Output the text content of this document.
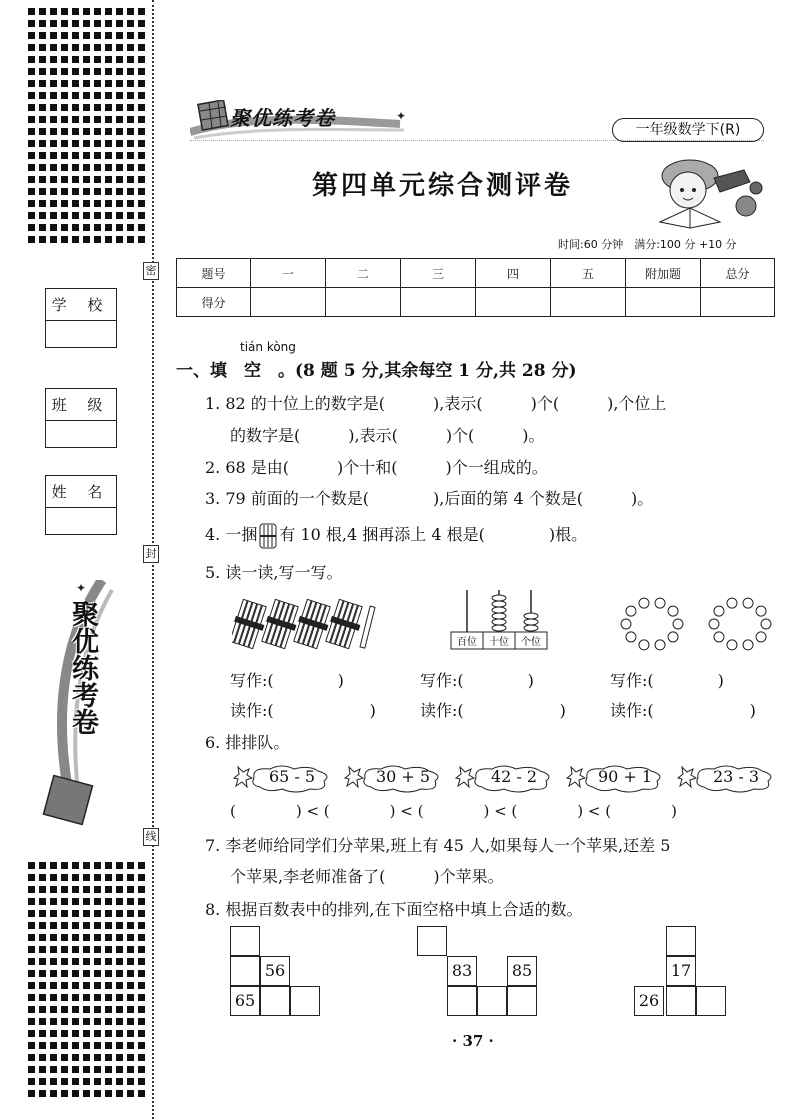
密
封
线
学 校
班 级
姓 名
✦
聚优练考卷
✦
聚优练考卷	一年级数学下(R)
第四单元综合测评卷
时间:60 分钟　满分:100 分 +10 分
题号	一	二	三	四	五	附加题	总分
得分							
tián kòng
一、填　空　。(8 题 5 分,其余每空 1 分,共 28 分)
1. 82 的十位上的数字是(　　　),表示(　　　)个(　　　),个位上
的数字是(　　　),表示(　　　)个(　　　)。
2. 68 是由(　　　)个十和(　　　)个一组成的。
3. 79 前面的一个数是(　　　　),后面的第 4 个数是(　　　)。
4. 一捆 有 10 根,4 捆再添上 4 根是(　　　　)根。
5. 读一读,写一写。
百位 十位 个位
写作:(　　　　)	写作:(　　　　)	写作:(　　　　)
读作:(　　　　　　)	读作:(　　　　　　)	读作:(　　　　　　)
6. 排排队。
65 - 5	30 + 5	42 - 2	90 + 1	23 - 3
(　　　　) < (　　　　) < (　　　　) < (　　　　) < (　　　　)
7. 李老师给同学们分苹果,班上有 45 人,如果每人一个苹果,还差 5
个苹果,李老师准备了(　　　)个苹果。
8. 根据百数表中的排列,在下面空格中填上合适的数。
56
65
83	85	17
26
· 37 ·
